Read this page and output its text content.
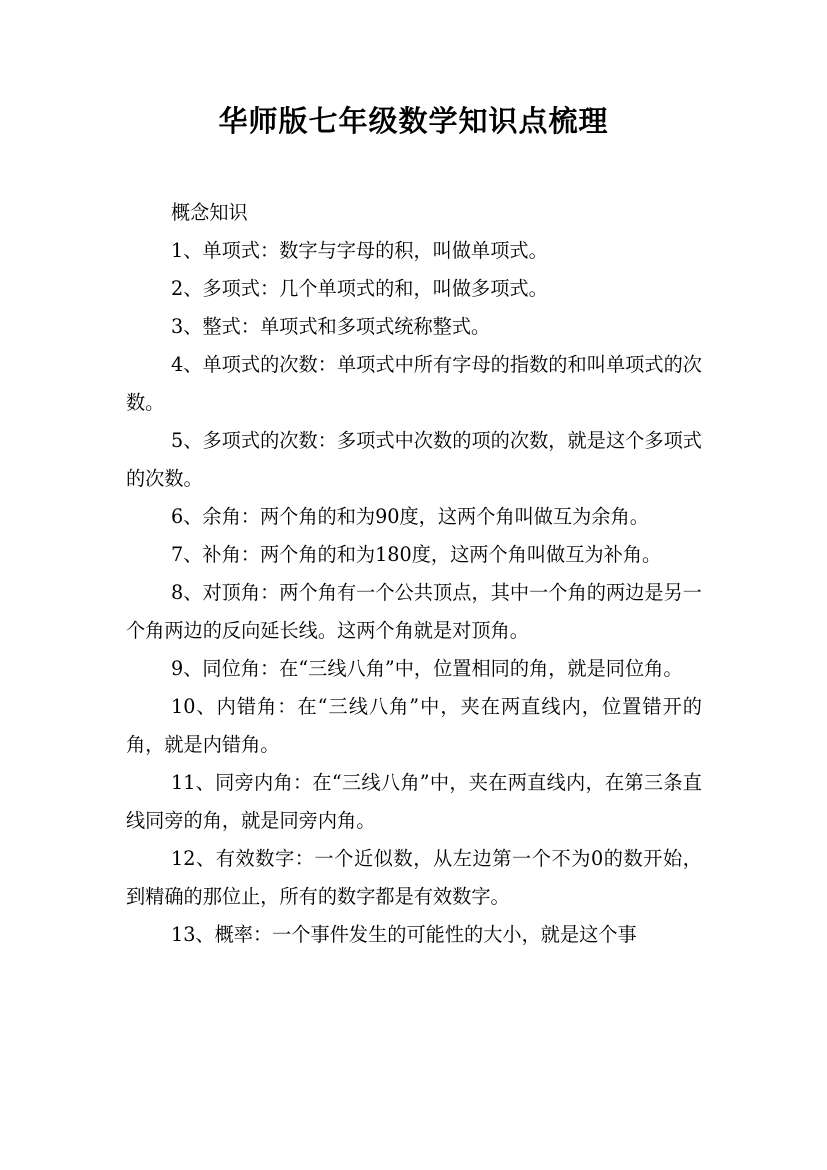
华师版七年级数学知识点梳理

概念知识

1、单项式：数字与字母的积，叫做单项式。

2、多项式：几个单项式的和，叫做多项式。

3、整式：单项式和多项式统称整式。

4、单项式的次数：单项式中所有字母的指数的和叫单项式的次数。

5、多项式的次数：多项式中次数的项的次数，就是这个多项式的次数。

6、余角：两个角的和为90度，这两个角叫做互为余角。

7、补角：两个角的和为180度，这两个角叫做互为补角。

8、对顶角：两个角有一个公共顶点，其中一个角的两边是另一个角两边的反向延长线。这两个角就是对顶角。

9、同位角：在“三线八角”中，位置相同的角，就是同位角。

10、内错角：在“三线八角”中，夹在两直线内，位置错开的角，就是内错角。

11、同旁内角：在“三线八角”中，夹在两直线内，在第三条直线同旁的角，就是同旁内角。

12、有效数字：一个近似数，从左边第一个不为0的数开始，到精确的那位止，所有的数字都是有效数字。

13、概率：一个事件发生的可能性的大小，就是这个事
